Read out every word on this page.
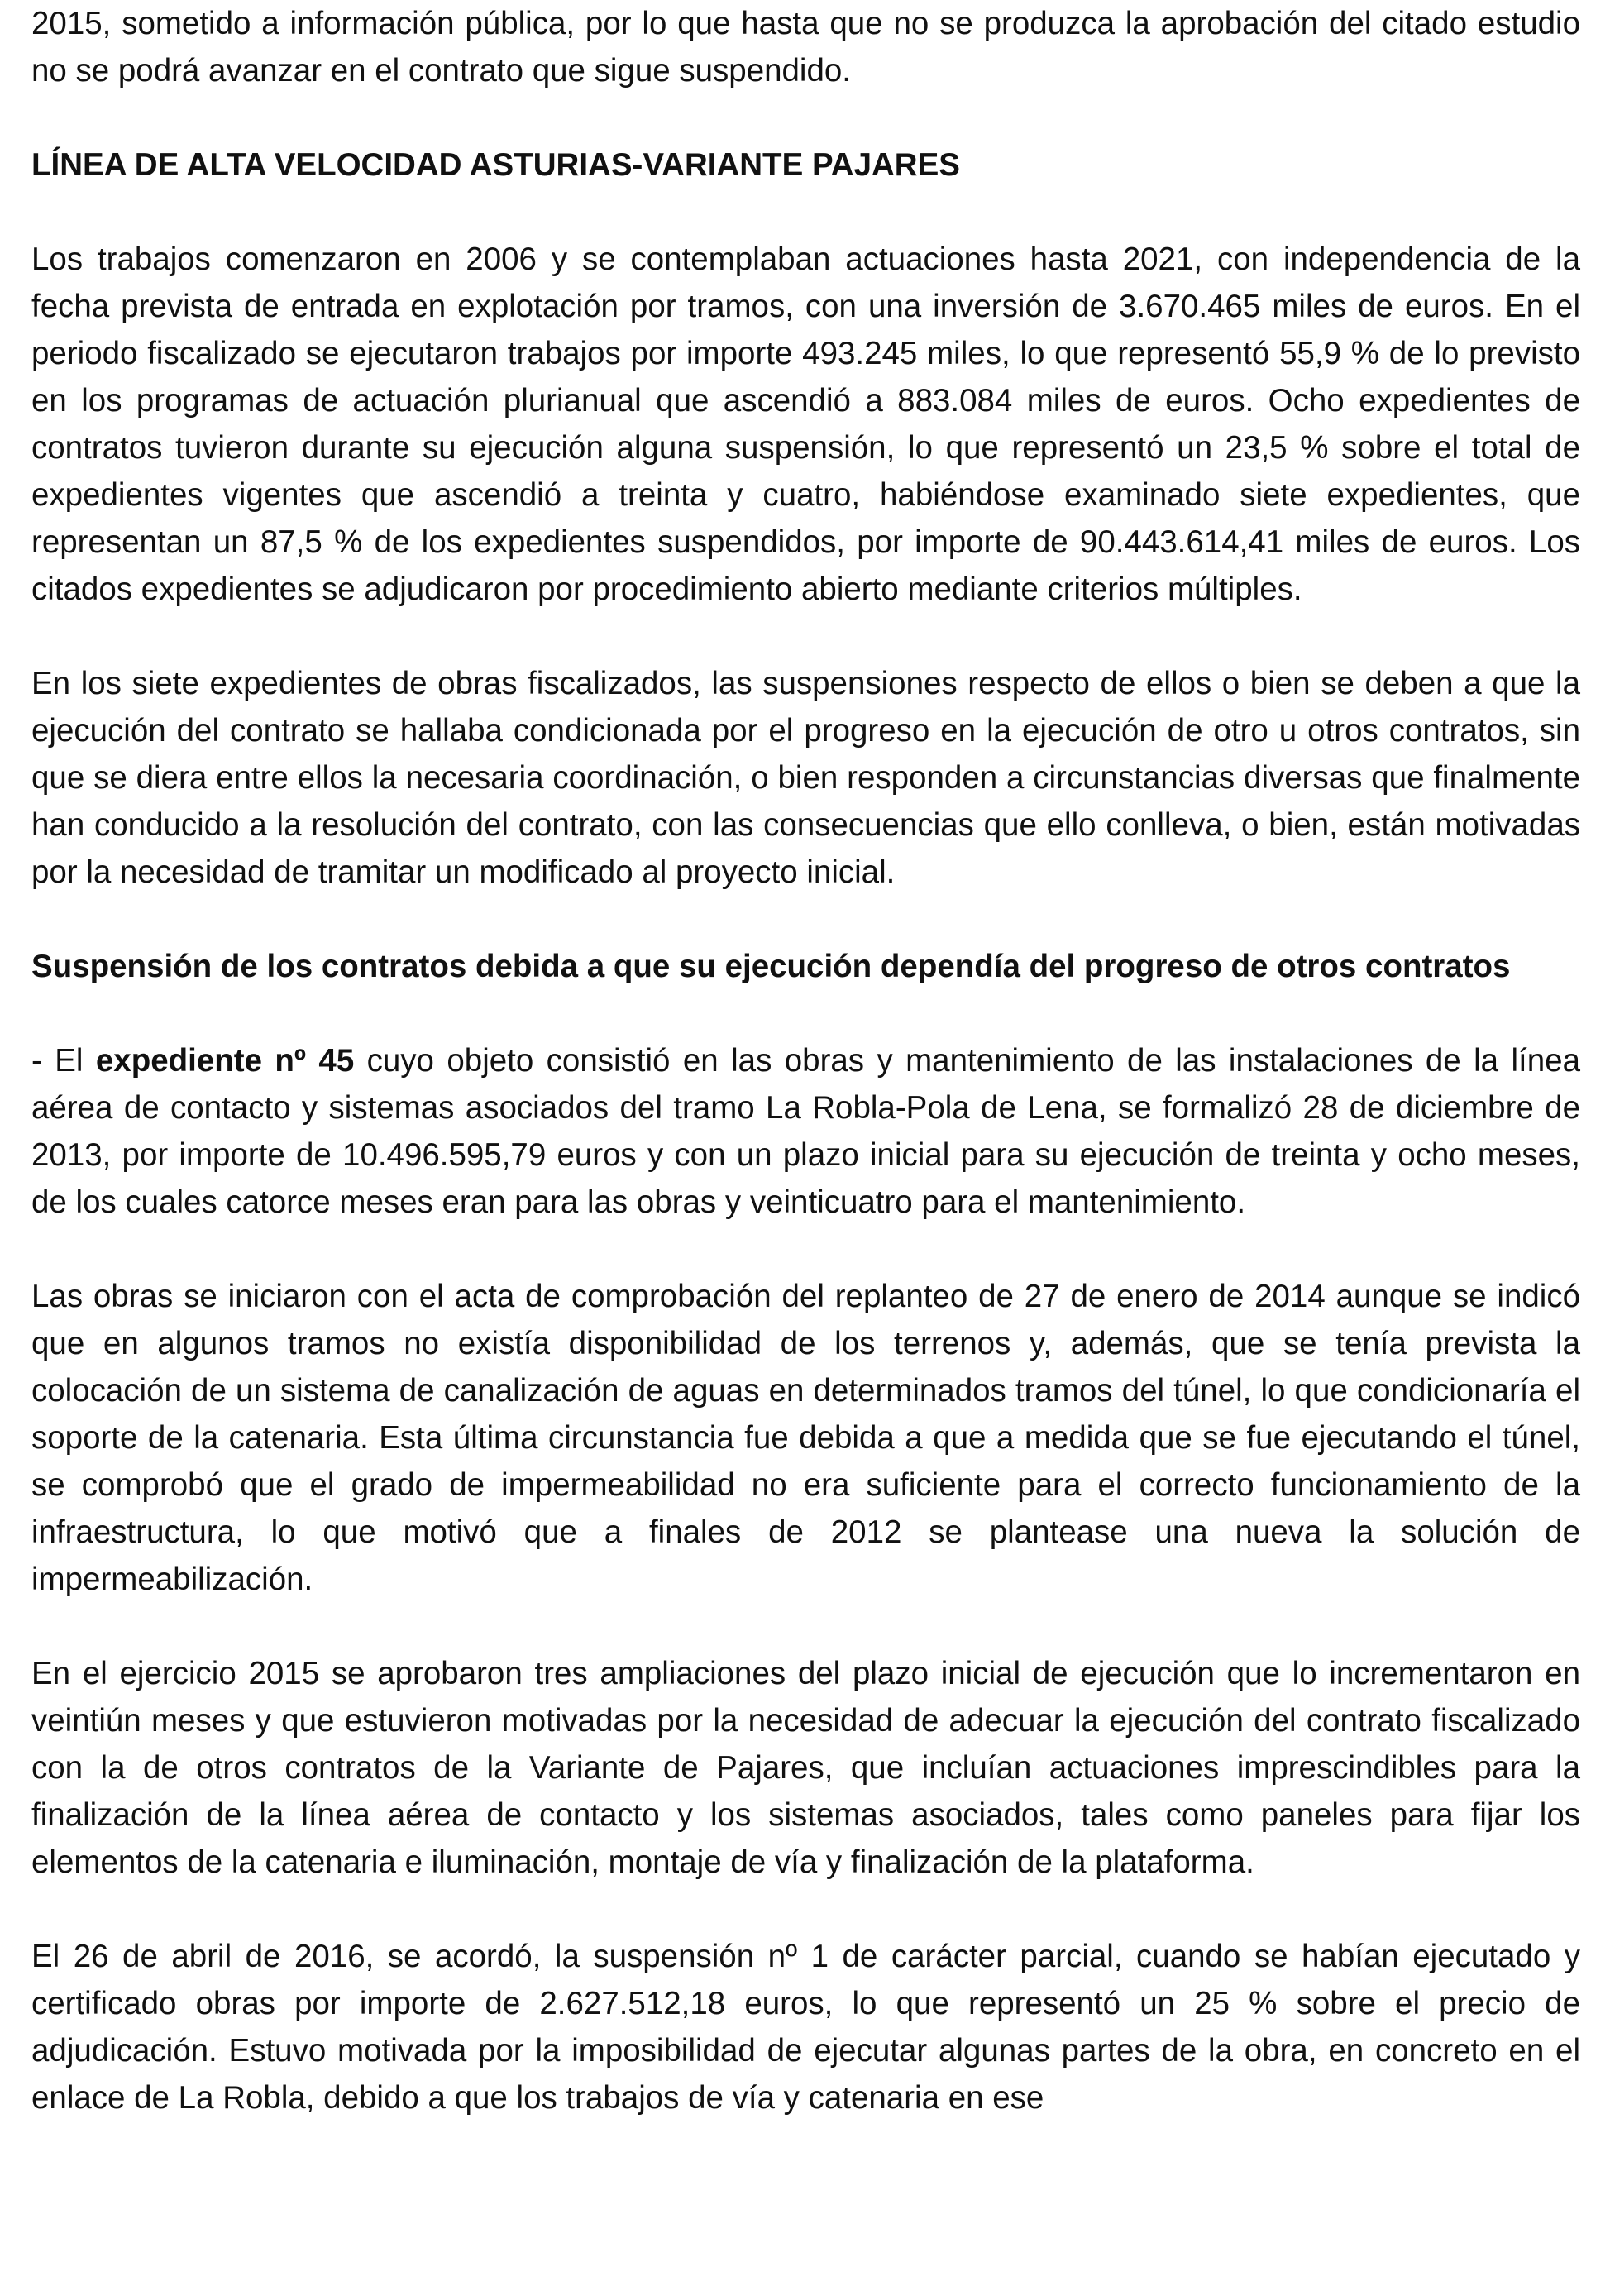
2015, sometido a información pública, por lo que hasta que no se produzca la aprobación del citado estudio no se podrá avanzar en el contrato que sigue suspendido.

LÍNEA DE ALTA VELOCIDAD ASTURIAS-VARIANTE PAJARES

Los trabajos comenzaron en 2006 y se contemplaban actuaciones hasta 2021, con independencia de la fecha prevista de entrada en explotación por tramos, con una inversión de 3.670.465 miles de euros. En el periodo fiscalizado se ejecutaron trabajos por importe 493.245 miles, lo que representó 55,9 % de lo previsto en los programas de actuación plurianual que ascendió a 883.084 miles de euros. Ocho expedientes de contratos tuvieron durante su ejecución alguna suspensión, lo que representó un 23,5 % sobre el total de expedientes vigentes que ascendió a treinta y cuatro, habiéndose examinado siete expedientes, que representan un 87,5 % de los expedientes suspendidos, por importe de 90.443.614,41 miles de euros. Los citados expedientes se adjudicaron por procedimiento abierto mediante criterios múltiples.

En los siete expedientes de obras fiscalizados, las suspensiones respecto de ellos o bien se deben a que la ejecución del contrato se hallaba condicionada por el progreso en la ejecución de otro u otros contratos, sin que se diera entre ellos la necesaria coordinación, o bien responden a circunstancias diversas que finalmente han conducido a la resolución del contrato, con las consecuencias que ello conlleva, o bien, están motivadas por la necesidad de tramitar un modificado al proyecto inicial.

Suspensión de los contratos debida a que su ejecución dependía del progreso de otros contratos

- El expediente nº 45 cuyo objeto consistió en las obras y mantenimiento de las instalaciones de la línea aérea de contacto y sistemas asociados del tramo La Robla-Pola de Lena, se formalizó 28 de diciembre de 2013, por importe de 10.496.595,79 euros y con un plazo inicial para su ejecución de treinta y ocho meses, de los cuales catorce meses eran para las obras y veinticuatro para el mantenimiento.

Las obras se iniciaron con el acta de comprobación del replanteo de 27 de enero de 2014 aunque se indicó que en algunos tramos no existía disponibilidad de los terrenos y, además, que se tenía prevista la colocación de un sistema de canalización de aguas en determinados tramos del túnel, lo que condicionaría el soporte de la catenaria. Esta última circunstancia fue debida a que a medida que se fue ejecutando el túnel, se comprobó que el grado de impermeabilidad no era suficiente para el correcto funcionamiento de la infraestructura, lo que motivó que a finales de 2012 se plantease una nueva la solución de impermeabilización.

En el ejercicio 2015 se aprobaron tres ampliaciones del plazo inicial de ejecución que lo incrementaron en veintiún meses y que estuvieron motivadas por la necesidad de adecuar la ejecución del contrato fiscalizado con la de otros contratos de la Variante de Pajares, que incluían actuaciones imprescindibles para la finalización de la línea aérea de contacto y los sistemas asociados, tales como paneles para fijar los elementos de la catenaria e iluminación, montaje de vía y finalización de la plataforma.

El 26 de abril de 2016, se acordó, la suspensión nº 1 de carácter parcial, cuando se habían ejecutado y certificado obras por importe de 2.627.512,18 euros, lo que representó un 25 % sobre el precio de adjudicación. Estuvo motivada por la imposibilidad de ejecutar algunas partes de la obra, en concreto en el enlace de La Robla, debido a que los trabajos de vía y catenaria en ese
